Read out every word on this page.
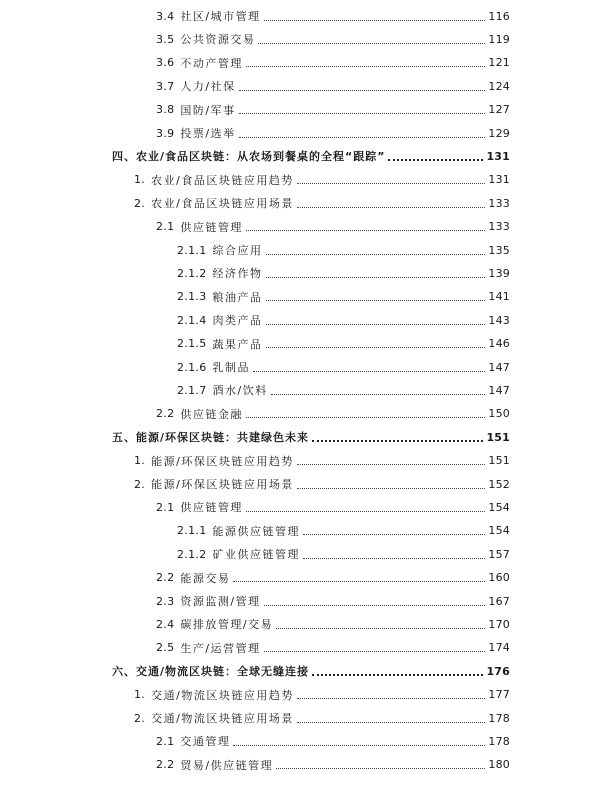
3.4 社区/城市管理	116
3.5 公共资源交易	119
3.6 不动产管理	121
3.7 人力/社保	124
3.8 国防/军事	127
3.9 投票/选举	129
四、农业/食品区块链：从农场到餐桌的全程“跟踪”	131
1. 农业/食品区块链应用趋势	131
2. 农业/食品区块链应用场景	133
2.1 供应链管理	133
2.1.1 综合应用	135
2.1.2 经济作物	139
2.1.3 粮油产品	141
2.1.4 肉类产品	143
2.1.5 蔬果产品	146
2.1.6 乳制品	147
2.1.7 酒水/饮料	147
2.2 供应链金融	150
五、能源/环保区块链：共建绿色未来	151
1. 能源/环保区块链应用趋势	151
2. 能源/环保区块链应用场景	152
2.1 供应链管理	154
2.1.1 能源供应链管理	154
2.1.2 矿业供应链管理	157
2.2 能源交易	160
2.3 资源监测/管理	167
2.4 碳排放管理/交易	170
2.5 生产/运营管理	174
六、交通/物流区块链：全球无缝连接	176
1. 交通/物流区块链应用趋势	177
2. 交通/物流区块链应用场景	178
2.1 交通管理	178
2.2 贸易/供应链管理	180
